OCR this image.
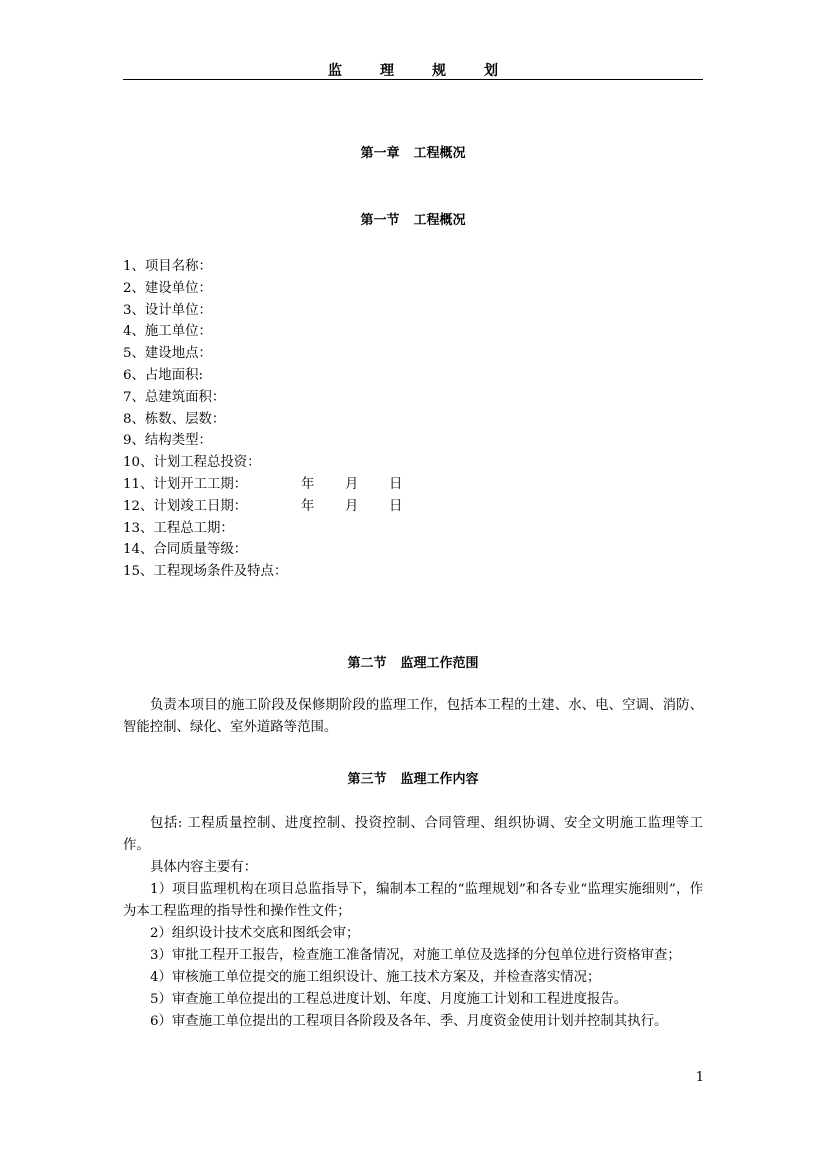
监	理	规	划
第一章 工程概况
第一节 工程概况
1、项目名称：
2、建设单位：
3、设计单位：
4、施工单位：
5、建设地点：
6、占地面积:
7、总建筑面积：
8、栋数、层数：
9、结构类型：
10、计划工程总投资：
11、计划开工工期：	年 月 日
12、计划竣工日期：	年 月 日
13、工程总工期：
14、合同质量等级：
15、工程现场条件及特点：
第二节 监理工作范围

负责本项目的施工阶段及保修期阶段的监理工作，包括本工程的土建、水、电、空调、消防、智能控制、绿化、室外道路等范围。

第三节 监理工作内容

包括: 工程质量控制、进度控制、投资控制、合同管理、组织协调、安全文明施工监理等工作。

具体内容主要有：

1）项目监理机构在项目总监指导下，编制本工程的“监理规划”和各专业“监理实施细则”，作为本工程监理的指导性和操作性文件；

2）组织设计技术交底和图纸会审；

3）审批工程开工报告，检查施工准备情况，对施工单位及选择的分包单位进行资格审查；

4）审核施工单位提交的施工组织设计、施工技术方案及，并检查落实情况；

5）审查施工单位提出的工程总进度计划、年度、月度施工计划和工程进度报告。

6）审查施工单位提出的工程项目各阶段及各年、季、月度资金使用计划并控制其执行。

1
